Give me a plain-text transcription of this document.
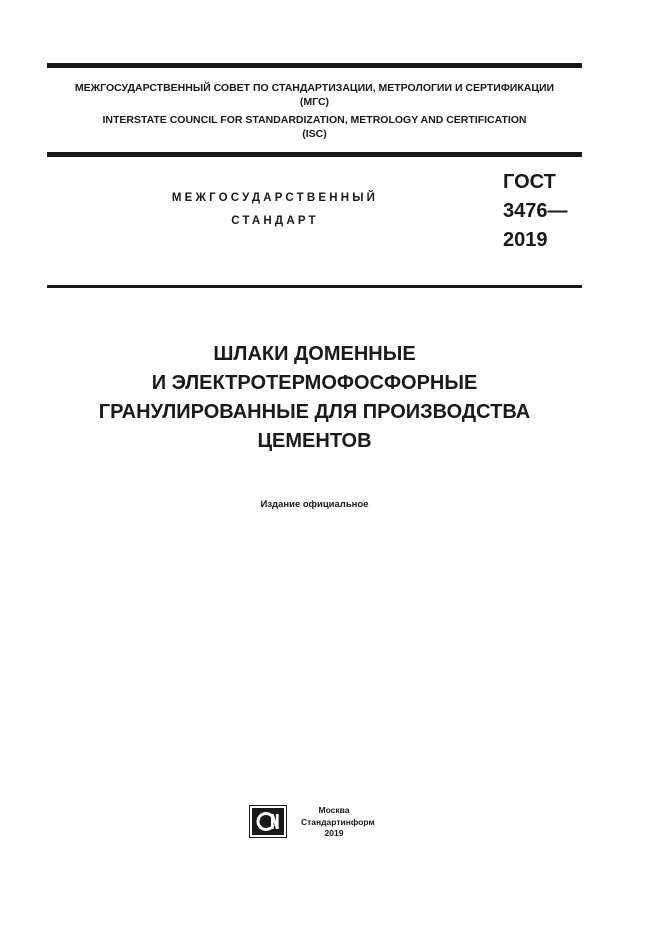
МЕЖГОСУДАРСТВЕННЫЙ СОВЕТ ПО СТАНДАРТИЗАЦИИ, МЕТРОЛОГИИ И СЕРТИФИКАЦИИ
(МГС)
INTERSTATE COUNCIL FOR STANDARDIZATION, METROLOGY AND CERTIFICATION
(ISC)
МЕЖГОСУДАРСТВЕННЫЙ
СТАНДАРТ
ГОСТ
3476—
2019
ШЛАКИ ДОМЕННЫЕ
И ЭЛЕКТРОТЕРМОФОСФОРНЫЕ
ГРАНУЛИРОВАННЫЕ ДЛЯ ПРОИЗВОДСТВА
ЦЕМЕНТОВ
Издание официальное
Москва
Стандартинформ
2019
